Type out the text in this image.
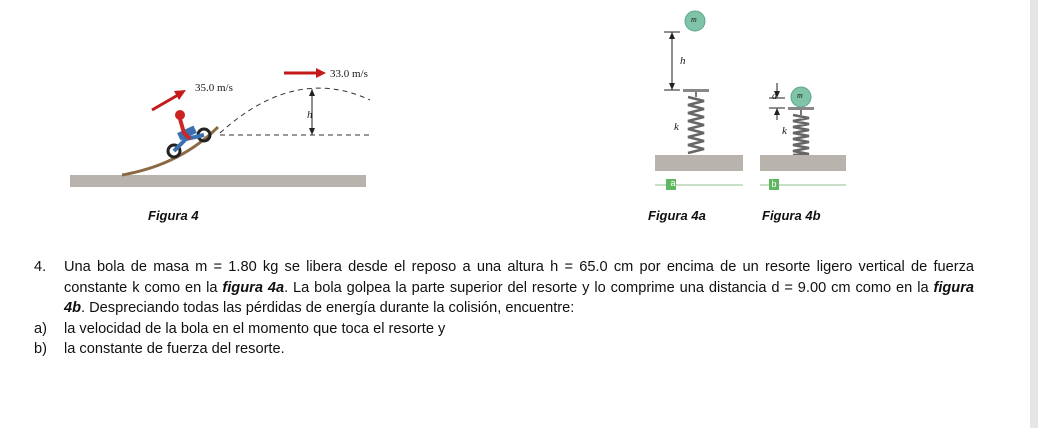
33.0 m/s
35.0 m/s
h
Figura 4
m
h
k
a
Figura 4a
m
d
k
b
Figura 4b
4. Una bola de masa m = 1.80 kg se libera desde el reposo a una altura h = 65.0 cm por encima de un resorte ligero vertical de fuerza constante k como en la figura 4a. La bola golpea la parte superior del resorte y lo comprime una distancia d = 9.00 cm como en la figura 4b. Despreciando todas las pérdidas de energía durante la colisión, encuentre:
a) la velocidad de la bola en el momento que toca el resorte y
b) la constante de fuerza del resorte.
